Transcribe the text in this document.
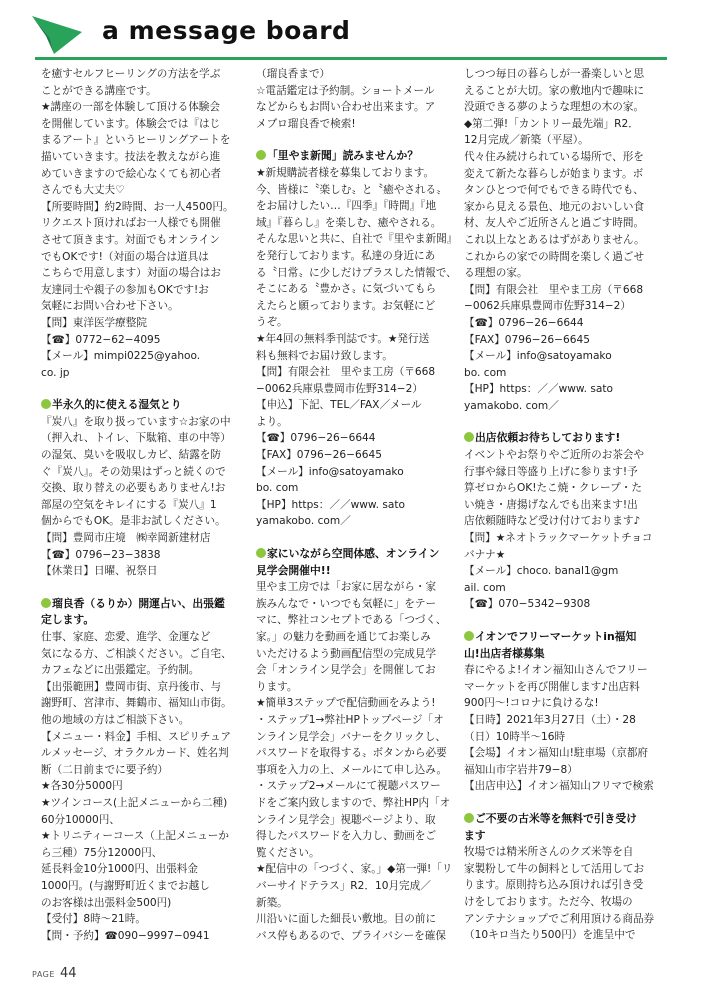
a message board

を癒すセルフヒーリングの方法を学ぶ

ことができる講座です。

★講座の一部を体験して頂ける体験会

を開催しています。体験会では『はじ

まるアート』というヒーリングアートを

描いていきます。技法を教えながら進

めていきますので絵心なくても初心者

さんでも大丈夫♡

【所要時間】約2時間、お一人4500円。

リクエスト頂ければお一人様でも開催

させて頂きます。対面でもオンライン

でもOKです!（対面の場合は道具は

こちらで用意します）対面の場合はお

友達同士や親子の参加もOKです!お

気軽にお問い合わせ下さい。

【問】東洋医学療整院

【☎】0772−62−4095

【メール】mimpi0225@yahoo.

co. jp

半永久的に使える湿気とり

『炭八』を取り扱っています☆お家の中

（押入れ、トイレ、下駄箱、車の中等）

の湿気、臭いを吸収しカビ、結露を防

ぐ『炭八』。その効果はずっと続くので

交換、取り替えの必要もありません!お

部屋の空気をキレイにする『炭八』1

個からでもOK。是非お試しください。

【問】豊岡市庄境　㈱幸岡新建材店

【☎】0796−23−3838

【休業日】日曜、祝祭日

瑠良香（るりか）開運占い、出張鑑
定します。

仕事、家庭、恋愛、進学、金運など

気になる方、ご相談ください。ご自宅、

カフェなどに出張鑑定。予約制。

【出張範囲】豊岡市街、京丹後市、与

謝野町、宮津市、舞鶴市、福知山市街。

他の地域の方はご相談下さい。

【メニュー・料金】手相、スピリチュア

ルメッセージ、オラクルカード、姓名判

断（二日前までに要予約）

★各30分5000円

★ツインコース(上記メニューから二種)

60分10000円、

★トリニティーコース（上記メニューか

ら三種）75分12000円、

延長料金10分1000円、出張料金

1000円。(与謝野町近くまでお越し

のお客様は出張料金500円)

【受付】8時〜21時。

【問・予約】☎090−9997−0941

（瑠良香まで）

☆電話鑑定は予約制。ショートメール

などからもお問い合わせ出来ます。ア

メブロ瑠良香で検索!

「里やま新聞」読みませんか？

★新規購読者様を募集しております。

今、皆様に〝楽しむ〟と〝癒やされる〟

をお届けしたい…『四季』『時間』『地

域』『暮らし』を楽しむ、癒やされる。

そんな思いと共に、自社で『里やま新聞』

を発行しております。私達の身近にあ

る〝日常〟に少しだけプラスした情報で、

そこにある〝豊かさ〟に気づいてもら

えたらと願っております。お気軽にど

うぞ。

★年4回の無料季刊誌です。★発行送

料も無料でお届け致します。

【問】有限会社　里やま工房（〒668

−0062兵庫県豊岡市佐野314−2）

【申込】下記、TEL／FAX／メール

より。

【☎】0796−26−6644

【FAX】0796−26−6645

【メール】info@satoyamako

bo. com

【HP】https：／／www. sato

yamakobo. com／

家にいながら空間体感、オンライン
見学会開催中!!

里やま工房では「お家に居ながら・家

族みんなで・いつでも気軽に」をテー

マに、弊社コンセプトである「つづく、

家。」の魅力を動画を通じてお楽しみ

いただけるよう動画配信型の完成見学

会「オンライン見学会」を開催してお

ります。

★簡単3ステップで配信動画をみよう!

・ステップ1→弊社HPトップページ「オ

ンライン見学会」バナーをクリックし、

パスワードを取得する〟ボタンから必要

事項を入力の上、メールにて申し込み。

・ステップ2→メールにて視聴パスワー

ドをご案内致しますので、弊社HP内「オ

ンライン見学会」視聴ページより、取

得したパスワードを入力し、動画をご

覧ください。

★配信中の「つづく、家。」◆第一弾!「リ

バーサイドテラス」R2．10月完成／

新築。

川沿いに面した細長い敷地。目の前に

バス停もあるので、プライバシーを確保

しつつ毎日の暮らしが一番楽しいと思

えることが大切。家の敷地内で趣味に

没頭できる夢のような理想の木の家。

◆第二弾!「カントリー最先端」R2．

12月完成／新築（平屋）。

代々住み続けられている場所で、形を

変えて新たな暮らしが始まります。ボ

タンひとつで何でもできる時代でも、

家から見える景色、地元のおいしい食

材、友人やご近所さんと過ごす時間。

これ以上なとあるはずがありません。

これからの家での時間を楽しく過ごせ

る理想の家。

【問】有限会社　里やま工房（〒668

−0062兵庫県豊岡市佐野314−2）

【☎】0796−26−6644

【FAX】0796−26−6645

【メール】info@satoyamako

bo. com

【HP】https：／／www. sato

yamakobo. com／

出店依頼お待ちしております!

イベントやお祭りやご近所のお茶会や

行事や縁日等盛り上げに参ります!予

算ゼロからOK!たこ焼・クレープ・た

い焼き・唐揚げなんでも出来ます!出

店依頼随時など受け付けております♪

【問】★ネオトラックマーケットチョコ

バナナ★

【メール】choco. banal1@gm

ail. com

【☎】070−5342−9308

イオンでフリーマーケットin福知
山!出店者様募集

春にやるよ!イオン福知山さんでフリー

マーケットを再び開催します♪出店料

900円〜!コロナに負けるな!

【日時】2021年3月27日（土）・28

（日）10時半〜16時

【会場】イオン福知山!駐車場（京都府

福知山市字岩井79−8）

【出店申込】イオン福知山フリマで検索

ご不要の古米等を無料で引き受け
ます

牧場では精米所さんのクズ米等を自

家製粉して牛の飼料として活用してお

ります。原則持ち込み頂ければ引き受

けをしております。ただ今、牧場の

アンテナショップでご利用頂ける商品券

（10キロ当たり500円）を進呈中で

PAGE 44
